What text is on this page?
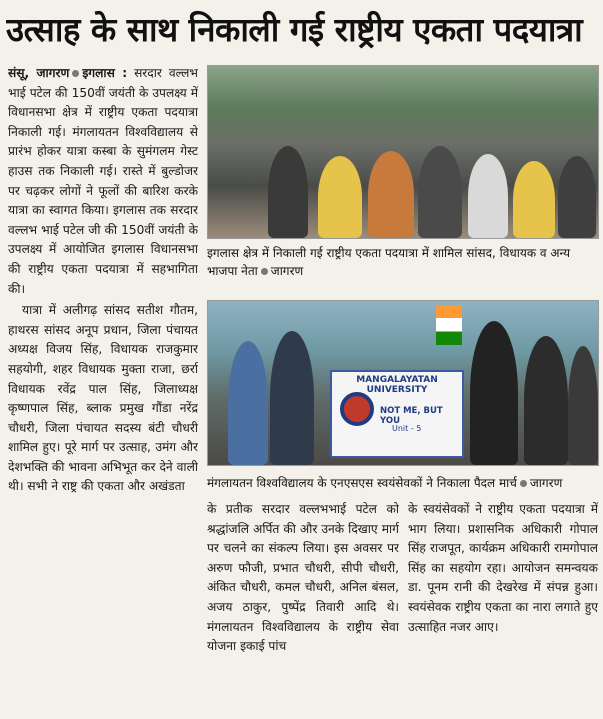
उत्साह के साथ निकाली गई राष्ट्रीय एकता पदयात्रा

संसू, जागरण इगलास : सरदार वल्लभ भाई पटेल की 150वीं जयंती के उपलक्ष्य में विधानसभा क्षेत्र में राष्ट्रीय एकता पदयात्रा निकाली गई। मंगलायतन विश्वविद्यालय से प्रारंभ होकर यात्रा कस्बा के सुमंगलम गेस्ट हाउस तक निकाली गई। रास्ते में बुल्डोजर पर चढ़कर लोगों ने फूलों की बारिश करके यात्रा का स्वागत किया। इगलास तक सरदार वल्लभ भाई पटेल जी की 150वीं जयंती के उपलक्ष्य में आयोजित इगलास विधानसभा की राष्ट्रीय एकता पदयात्रा में सहभागिता की।

यात्रा में अलीगढ़ सांसद सतीश गौतम, हाथरस सांसद अनूप प्रधान, जिला पंचायत अध्यक्ष विजय सिंह, विधायक राजकुमार सहयोगी, शहर विधायक मुक्ता राजा, छर्रा विधायक रवेंद्र पाल सिंह, जिलाध्यक्ष कृष्णपाल सिंह, ब्लाक प्रमुख गौंडा नरेंद्र चौधरी, जिला पंचायत सदस्य बंटी चौधरी शामिल हुए। पूरे मार्ग पर उत्साह, उमंग और देशभक्ति की भावना अभिभूत कर देने वाली थी। सभी ने राष्ट्र की एकता और अखंडता

इगलास क्षेत्र में निकाली गई राष्ट्रीय एकता पदयात्रा में शामिल सांसद, विधायक व अन्य भाजपा नेता जागरण
MANGALAYATAN UNIVERSITY
NOT ME, BUT YOU
Unit - 5
मंगलायतन विश्वविद्यालय के एनएसएस स्वयंसेवकों ने निकाला पैदल मार्च जागरण
के प्रतीक सरदार वल्लभभाई पटेल को श्रद्धांजलि अर्पित की और उनके दिखाए मार्ग पर चलने का संकल्प लिया। इस अवसर पर अरुण फौजी, प्रभात चौधरी, सीपी चौधरी, अंकित चौधरी, कमल चौधरी, अनिल बंसल, अजय ठाकुर, पुष्पेंद्र तिवारी आदि थे। मंगलायतन विश्वविद्यालय के राष्ट्रीय सेवा योजना इकाई पांच
के स्वयंसेवकों ने राष्ट्रीय एकता पदयात्रा में भाग लिया। प्रशासनिक अधिकारी गोपाल सिंह राजपूत, कार्यक्रम अधिकारी रामगोपाल सिंह का सहयोग रहा। आयोजन समन्वयक डा. पूनम रानी की देखरेख में संपन्न हुआ। स्वयंसेवक राष्ट्रीय एकता का नारा लगाते हुए उत्साहित नजर आए।
